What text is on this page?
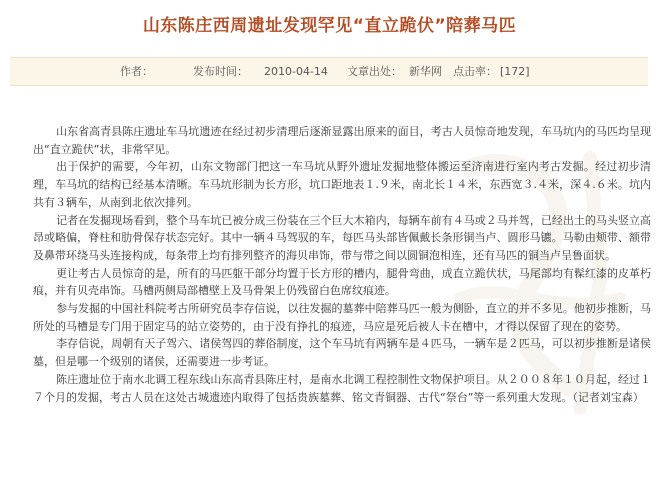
山东陈庄西周遗址发现罕见“直立跪伏”陪葬马匹
作者：	发布时间： 2010-04-14 文章出处： 新华网 点击率： [172]

山东省高青县陈庄遗址车马坑遗迹在经过初步清理后逐渐显露出原来的面目，考古人员惊奇地发现，车马坑内的马匹均呈现出“直立跪伏”状，非常罕见。

出于保护的需要，今年初，山东文物部门把这一车马坑从野外遗址发掘地整体搬运至济南进行室内考古发掘。经过初步清理，车马坑的结构已经基本清晰。车马坑形制为长方形，坑口距地表１.９米，南北长１４米，东西宽３.４米，深４.６米。坑内共有３辆车，从南到北依次排列。

记者在发掘现场看到，整个马车坑已被分成三份装在三个巨大木箱内，每辆车前有４马或２马并驾，已经出土的马头竖立高昂或略偏，脊柱和肋骨保存状态完好。其中一辆４马驾驭的车，每匹马头部皆佩戴长条形铜当卢、圆形马镳。马勒由颊带、额带及鼻带环绕马头连接构成，每条带上均有排列整齐的海贝串饰，带与带之间以圆铜泡相连，还有马匹的铜当卢呈鲁面状。

更让考古人员惊奇的是，所有的马匹躯干部分均置于长方形的槽内，腿骨弯曲，成直立跪伏状，马尾部均有髹红漆的皮革朽痕，并有贝壳串饰。马槽两侧局部槽壁上及马骨架上仍残留白色席纹痕迹。

参与发掘的中国社科院考古所研究员李存信说，以往发掘的墓葬中陪葬马匹一般为侧卧，直立的并不多见。他初步推断，马所处的马槽是专门用于固定马的站立姿势的，由于没有挣扎的痕迹，马应是死后被人卡在槽中，才得以保留了现在的姿势。

李存信说，周朝有天子驾六、诸侯驾四的葬俗制度，这个车马坑有两辆车是４匹马，一辆车是２匹马，可以初步推断是诸侯墓，但是哪一个级别的诸侯，还需要进一步考证。

陈庄遗址位于南水北调工程东线山东高青县陈庄村，是南水北调工程控制性文物保护项目。从２００８年１０月起，经过１７个月的发掘，考古人员在这处古城遗迹内取得了包括贵族墓葬、铭文青铜器、古代“祭台”等一系列重大发现。（记者刘宝森）
